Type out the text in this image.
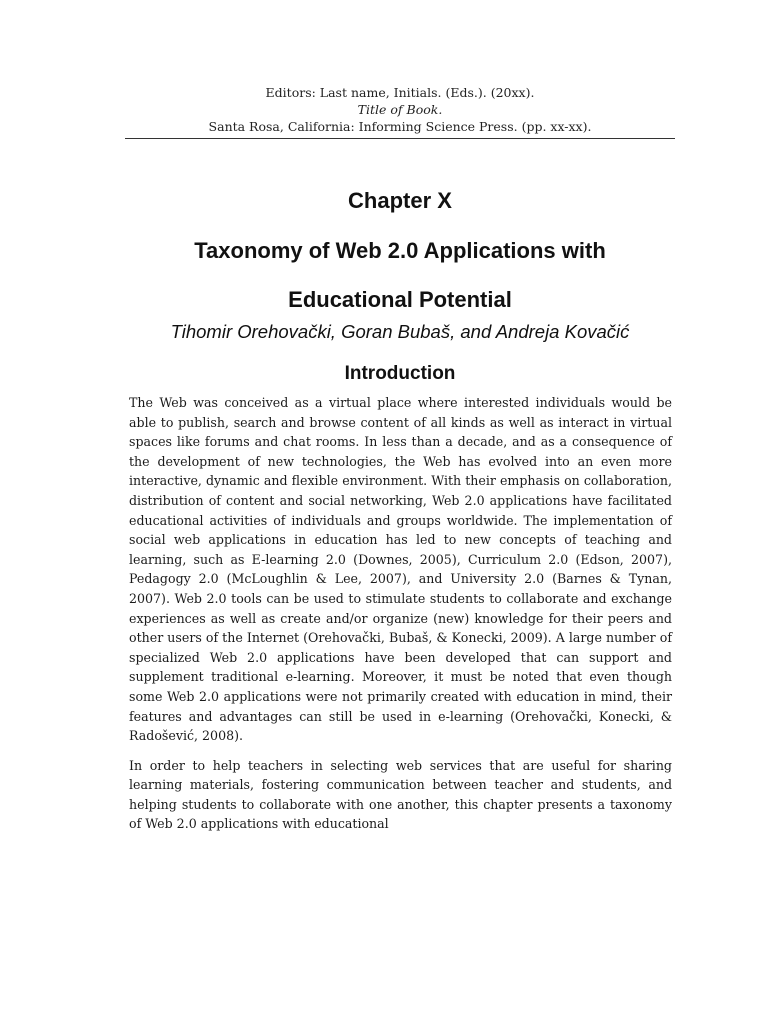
Editors: Last name, Initials. (Eds.). (20xx).
Title of Book.
Santa Rosa, California: Informing Science Press. (pp. xx-xx).
Chapter X
Taxonomy of Web 2.0 Applications with
Educational Potential
Tihomir Orehovački, Goran Bubaš, and Andreja Kovačić
Introduction

The Web was conceived as a virtual place where interested individuals would be able to publish, search and browse content of all kinds as well as interact in virtual spaces like forums and chat rooms. In less than a decade, and as a consequence of the development of new technologies, the Web has evolved into an even more interactive, dynamic and flexible environment. With their emphasis on collaboration, distribution of content and social networking, Web 2.0 applications have facilitated educational activities of individuals and groups worldwide. The implementation of social web applications in education has led to new concepts of teaching and learning, such as E-learning 2.0 (Downes, 2005), Curriculum 2.0 (Edson, 2007), Pedagogy 2.0 (McLoughlin & Lee, 2007), and University 2.0 (Barnes & Tynan, 2007). Web 2.0 tools can be used to stimulate students to collaborate and exchange experiences as well as create and/or organize (new) knowledge for their peers and other users of the Internet (Orehovački, Bubaš, & Konecki, 2009). A large number of specialized Web 2.0 applications have been developed that can support and supplement traditional e-learning. Moreover, it must be noted that even though some Web 2.0 applications were not primarily created with education in mind, their features and advantages can still be used in e-learning (Orehovački, Konecki, & Radošević, 2008).

In order to help teachers in selecting web services that are useful for sharing learning materials, fostering communication between teacher and students, and helping students to collaborate with one another, this chapter presents a taxonomy of Web 2.0 applications with educational
